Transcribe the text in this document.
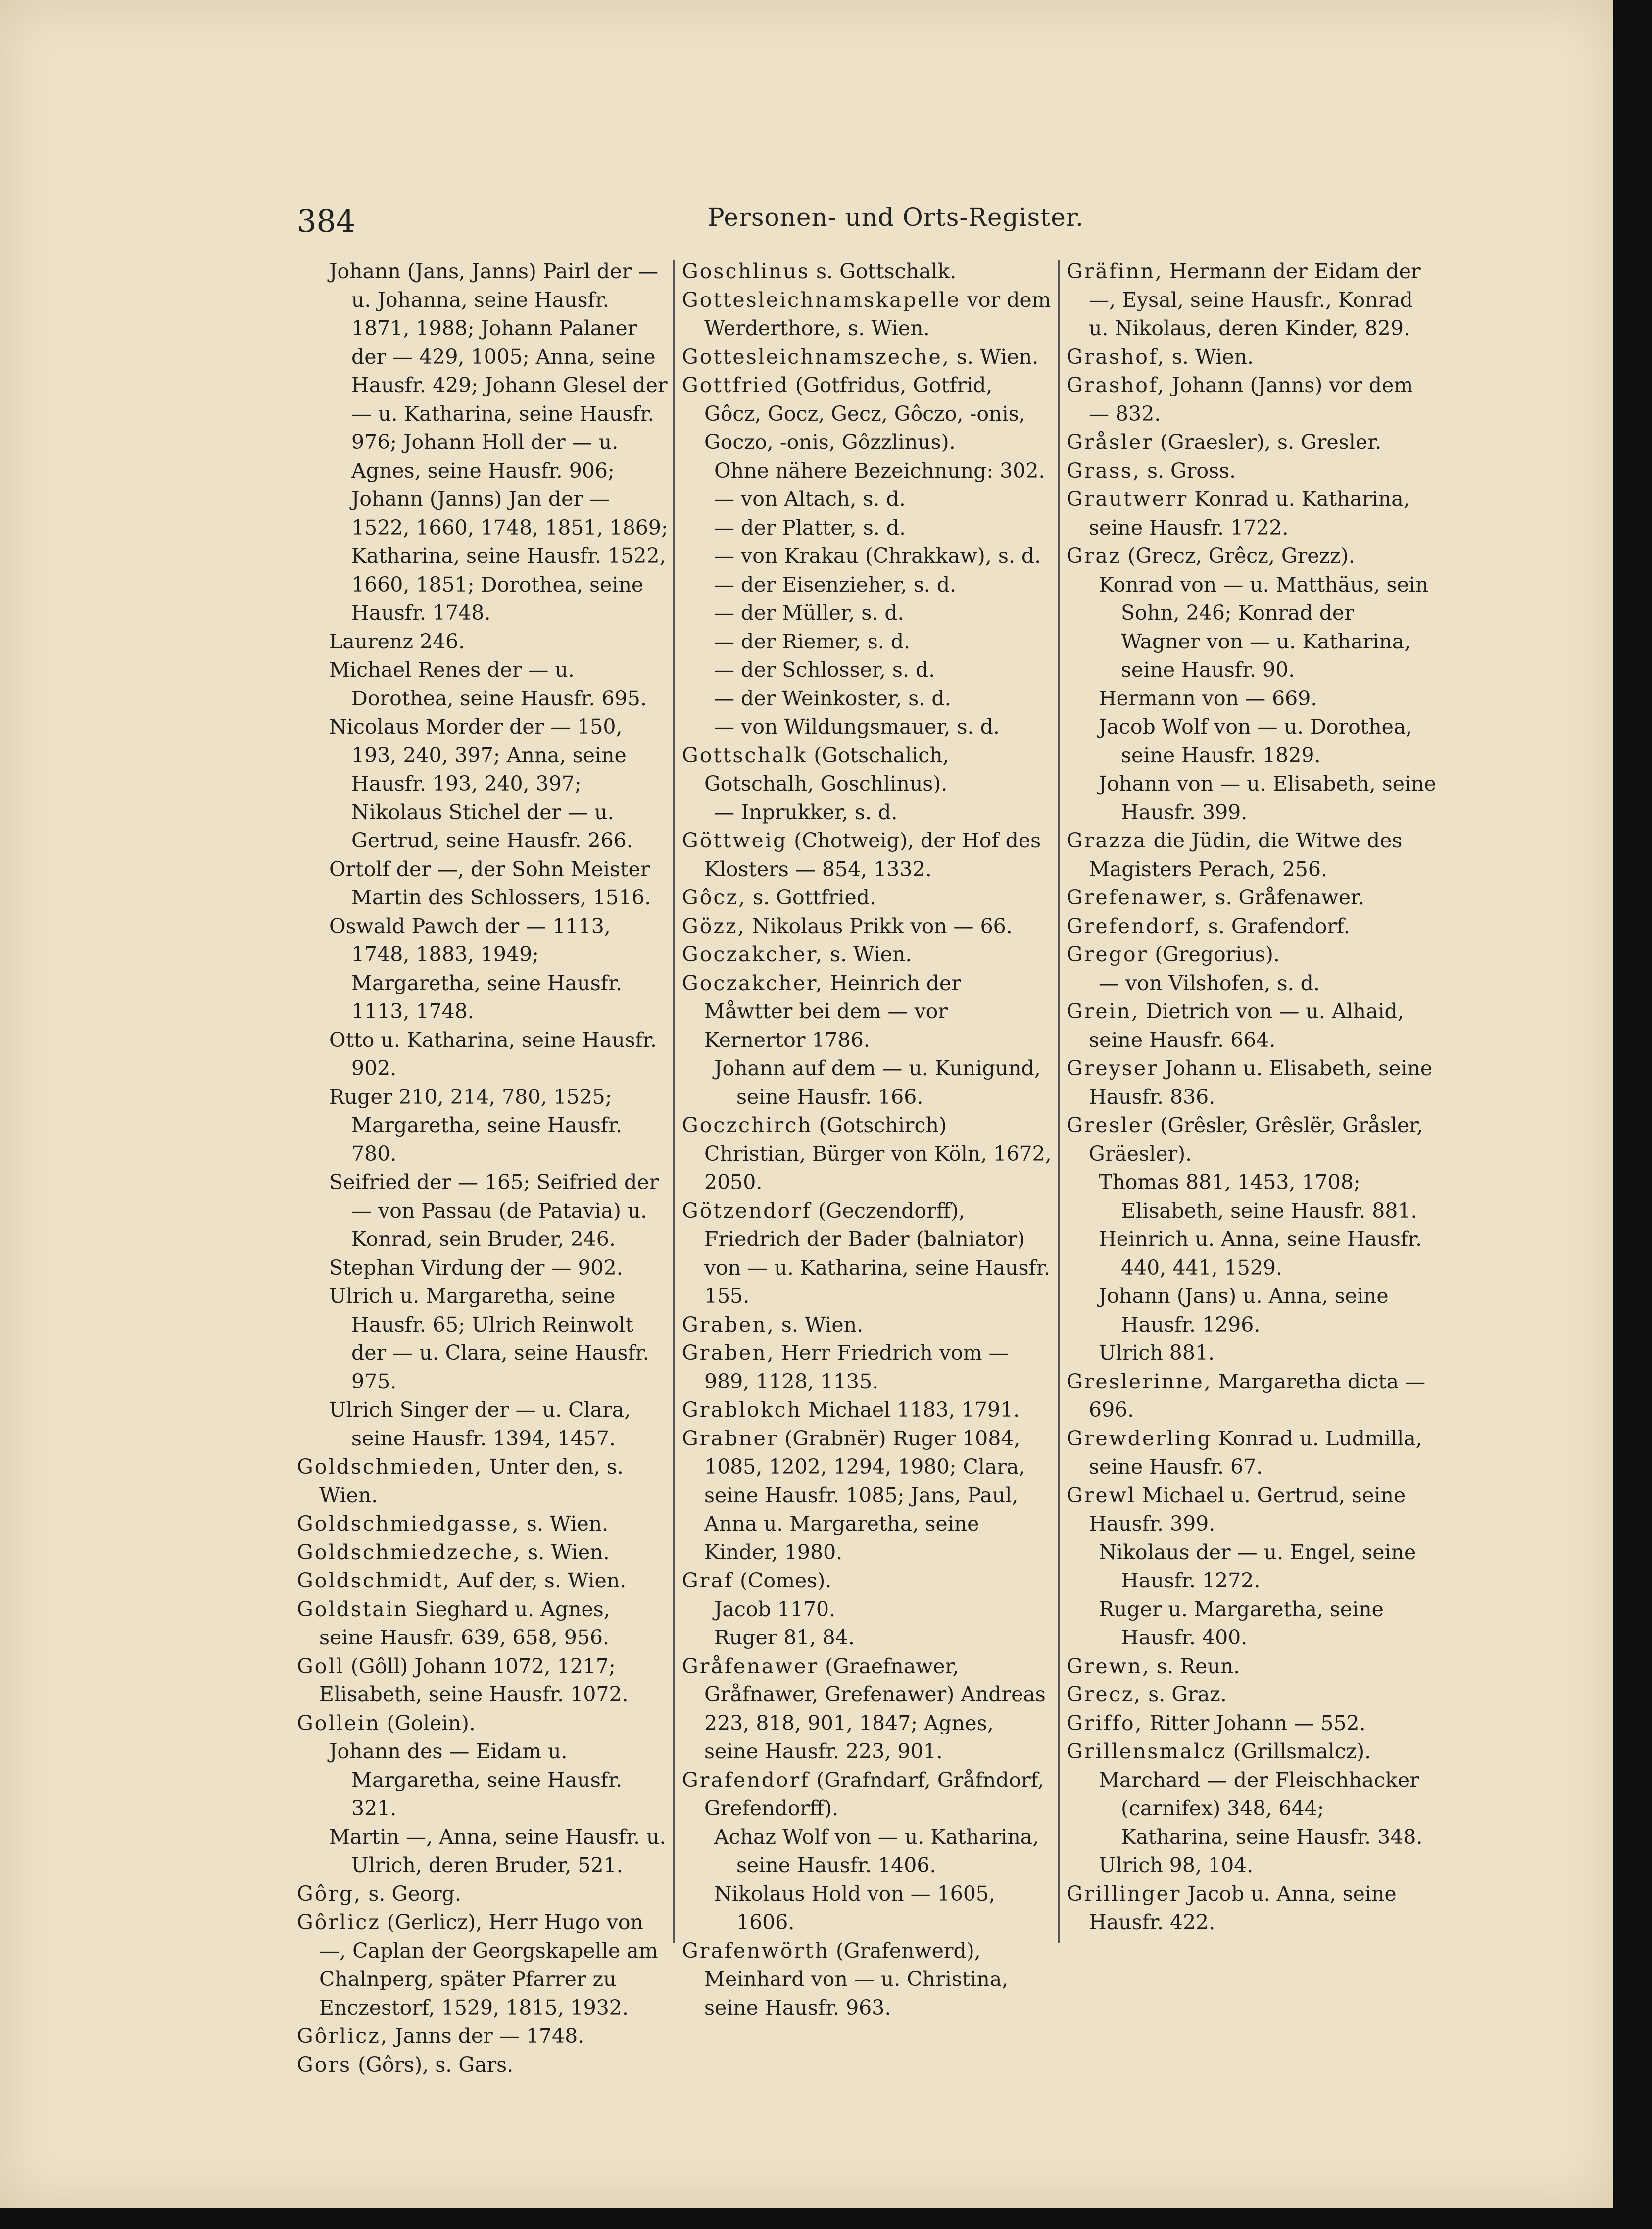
384	Personen- und Orts-Register.

Johann (Jans, Janns) Pairl der — u. Johanna, seine Hausfr. 1871, 1988; Johann Palaner der — 429, 1005; Anna, seine Hausfr. 429; Johann Glesel der — u. Katharina, seine Hausfr. 976; Johann Holl der — u. Agnes, seine Hausfr. 906; Johann (Janns) Jan der — 1522, 1660, 1748, 1851, 1869; Katharina, seine Hausfr. 1522, 1660, 1851; Dorothea, seine Hausfr. 1748.

Laurenz 246.

Michael Renes der — u. Dorothea, seine Hausfr. 695.

Nicolaus Morder der — 150, 193, 240, 397; Anna, seine Hausfr. 193, 240, 397; Nikolaus Stichel der — u. Gertrud, seine Hausfr. 266.

Ortolf der —, der Sohn Meister Martin des Schlossers, 1516.

Oswald Pawch der — 1113, 1748, 1883, 1949; Margaretha, seine Hausfr. 1113, 1748.

Otto u. Katharina, seine Hausfr. 902.

Ruger 210, 214, 780, 1525; Margaretha, seine Hausfr. 780.

Seifried der — 165; Seifried der — von Passau (de Patavia) u. Konrad, sein Bruder, 246.

Stephan Virdung der — 902.

Ulrich u. Margaretha, seine Hausfr. 65; Ulrich Reinwolt der — u. Clara, seine Hausfr. 975.

Ulrich Singer der — u. Clara, seine Hausfr. 1394, 1457.

Goldschmieden, Unter den, s. Wien.

Goldschmiedgasse, s. Wien.

Goldschmiedzeche, s. Wien.

Goldschmidt, Auf der, s. Wien.

Goldstain Sieghard u. Agnes, seine Hausfr. 639, 658, 956.

Goll (Gôll) Johann 1072, 1217; Elisabeth, seine Hausfr. 1072.

Gollein (Golein).

Johann des — Eidam u. Margaretha, seine Hausfr. 321.

Martin —, Anna, seine Hausfr. u. Ulrich, deren Bruder, 521.

Gôrg, s. Georg.

Gôrlicz (Gerlicz), Herr Hugo von —, Caplan der Georgskapelle am Chalnperg, später Pfarrer zu Enczestorf, 1529, 1815, 1932.

Gôrlicz, Janns der — 1748.

Gors (Gôrs), s. Gars.

Goschlinus s. Gottschalk.

Gottesleichnamskapelle vor dem Werderthore, s. Wien.

Gottesleichnamszeche, s. Wien.

Gottfried (Gotfridus, Gotfrid, Gôcz, Gocz, Gecz, Gôczo, -onis, Goczo, -onis, Gôzzlinus).

Ohne nähere Bezeichnung: 302.

— von Altach, s. d.

— der Platter, s. d.

— von Krakau (Chrakkaw), s. d.

— der Eisenzieher, s. d.

— der Müller, s. d.

— der Riemer, s. d.

— der Schlosser, s. d.

— der Weinkoster, s. d.

— von Wildungsmauer, s. d.

Gottschalk (Gotschalich, Gotschalh, Goschlinus).

— Inprukker, s. d.

Göttweig (Chotweig), der Hof des Klosters — 854, 1332.

Gôcz, s. Gottfried.

Gözz, Nikolaus Prikk von — 66.

Goczakcher, s. Wien.

Goczakcher, Heinrich der Måwtter bei dem — vor Kernertor 1786.

Johann auf dem — u. Kunigund, seine Hausfr. 166.

Goczchirch (Gotschirch) Christian, Bürger von Köln, 1672, 2050.

Götzendorf (Geczendorff), Friedrich der Bader (balniator) von — u. Katharina, seine Hausfr. 155.

Graben, s. Wien.

Graben, Herr Friedrich vom — 989, 1128, 1135.

Grablokch Michael 1183, 1791.

Grabner (Grabnër) Ruger 1084, 1085, 1202, 1294, 1980; Clara, seine Hausfr. 1085; Jans, Paul, Anna u. Margaretha, seine Kinder, 1980.

Graf (Comes).

Jacob 1170.

Ruger 81, 84.

Gråfenawer (Graefnawer, Gråfnawer, Grefenawer) Andreas 223, 818, 901, 1847; Agnes, seine Hausfr. 223, 901.

Grafendorf (Grafndarf, Gråfndorf, Grefendorff).

Achaz Wolf von — u. Katharina, seine Hausfr. 1406.

Nikolaus Hold von — 1605, 1606.

Grafenwörth (Grafenwerd), Meinhard von — u. Christina, seine Hausfr. 963.

Gräfinn, Hermann der Eidam der —, Eysal, seine Hausfr., Konrad u. Nikolaus, deren Kinder, 829.

Grashof, s. Wien.

Grashof, Johann (Janns) vor dem — 832.

Gråsler (Graesler), s. Gresler.

Grass, s. Gross.

Grautwerr Konrad u. Katharina, seine Hausfr. 1722.

Graz (Grecz, Grêcz, Grezz).

Konrad von — u. Matthäus, sein Sohn, 246; Konrad der Wagner von — u. Katharina, seine Hausfr. 90.

Hermann von — 669.

Jacob Wolf von — u. Dorothea, seine Hausfr. 1829.

Johann von — u. Elisabeth, seine Hausfr. 399.

Grazza die Jüdin, die Witwe des Magisters Perach, 256.

Grefenawer, s. Gråfenawer.

Grefendorf, s. Grafendorf.

Gregor (Gregorius).

— von Vilshofen, s. d.

Grein, Dietrich von — u. Alhaid, seine Hausfr. 664.

Greyser Johann u. Elisabeth, seine Hausfr. 836.

Gresler (Grêsler, Grêslër, Gråsler, Gräesler).

Thomas 881, 1453, 1708; Elisabeth, seine Hausfr. 881.

Heinrich u. Anna, seine Hausfr. 440, 441, 1529.

Johann (Jans) u. Anna, seine Hausfr. 1296.

Ulrich 881.

Greslerinne, Margaretha dicta — 696.

Grewderling Konrad u. Ludmilla, seine Hausfr. 67.

Grewl Michael u. Gertrud, seine Hausfr. 399.

Nikolaus der — u. Engel, seine Hausfr. 1272.

Ruger u. Margaretha, seine Hausfr. 400.

Grewn, s. Reun.

Grecz, s. Graz.

Griffo, Ritter Johann — 552.

Grillensmalcz (Grillsmalcz).

Marchard — der Fleischhacker (carnifex) 348, 644; Katharina, seine Hausfr. 348.

Ulrich 98, 104.

Grillinger Jacob u. Anna, seine Hausfr. 422.
